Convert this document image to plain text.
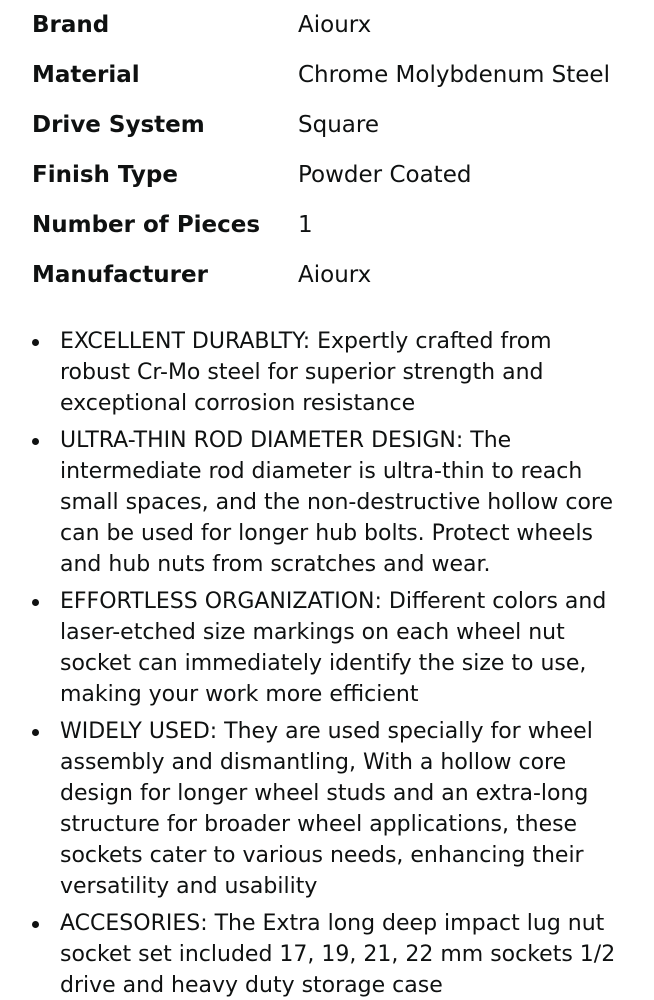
Brand	Aiourx
Material	Chrome Molybdenum Steel
Drive System	Square
Finish Type	Powder Coated
Number of Pieces	1
Manufacturer	Aiourx
EXCELLENT DURABLTY: Expertly crafted from robust Cr-Mo steel for superior strength and exceptional corrosion resistance
ULTRA-THIN ROD DIAMETER DESIGN: The intermediate rod diameter is ultra-thin to reach small spaces, and the non-destructive hollow core can be used for longer hub bolts. Protect wheels and hub nuts from scratches and wear.
EFFORTLESS ORGANIZATION: Different colors and laser-etched size markings on each wheel nut socket can immediately identify the size to use, making your work more efficient
WIDELY USED: They are used specially for wheel assembly and dismantling, With a hollow core design for longer wheel studs and an extra-long structure for broader wheel applications, these sockets cater to various needs, enhancing their versatility and usability
ACCESORIES: The Extra long deep impact lug nut socket set included 17, 19, 21, 22 mm sockets 1/2 drive and heavy duty storage case
